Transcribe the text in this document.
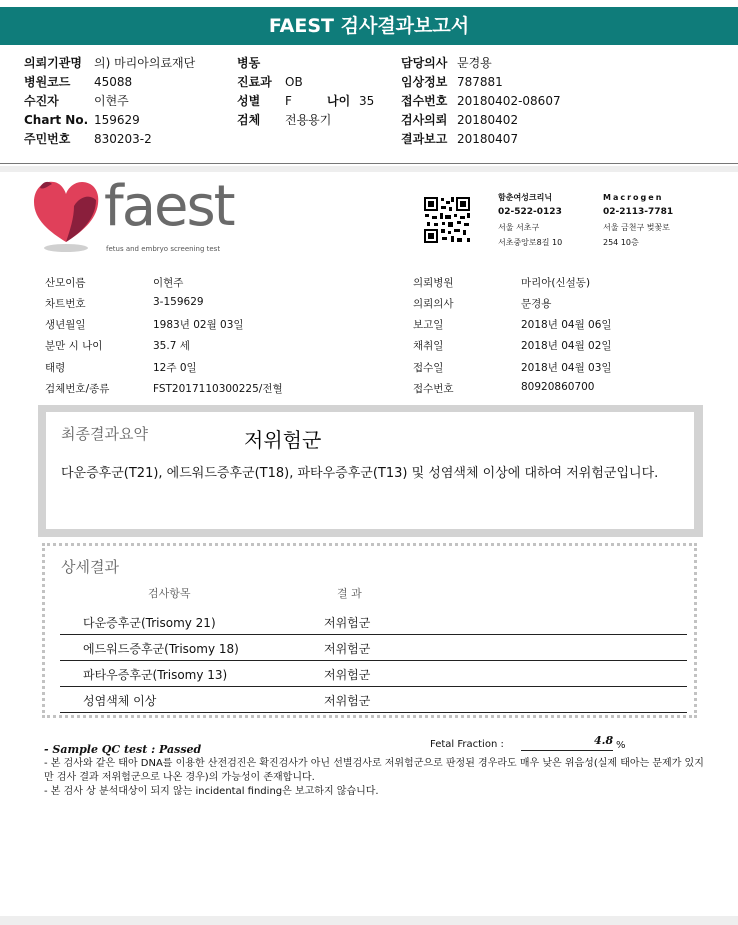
FAEST 검사결과보고서
의뢰기관명 의) 마리아의료재단
병원코드 45088
수진자	이현주
Chart No. 159629
주민번호 830203-2
병동
진료과 OB
성별 F	나이 35
검체 전용용기
담당의사 문경용
임상정보 787881
접수번호 20180402-08607
검사의뢰 20180402
결과보고 20180407
faest
fetus and embryo screening test
함춘여성크리닉
02-522-0123
서울 서초구
서초중앙로8길 10
Macrogen
02-2113-7781
서울 금천구 벚꽃로
254 10층
산모이름	이현주
차트번호	3-159629
생년월일	1983년 02월 03일
분만 시 나이	35.7 세
태령	12주 0일
검체번호/종류	FST2017110300225/전혈
의뢰병원	마리아(신설동)
의뢰의사	문경용
보고일	2018년 04월 06일
채취일	2018년 04월 02일
접수일	2018년 04월 03일
접수번호	80920860700
최종결과요약	저위험군
다운증후군(T21), 에드워드증후군(T18), 파타우증후군(T13) 및 성염색체 이상에 대하여 저위험군입니다.
상세결과
검사항목	결 과
다운증후군(Trisomy 21)	저위험군
에드워드증후군(Trisomy 18)	저위험군
파타우증후군(Trisomy 13)	저위험군
성염색체 이상	저위험군
- Sample QC test : Passed	Fetal Fraction :	4.8 %
- 본 검사와 같은 태아 DNA를 이용한 산전검진은 확진검사가 아닌 선별검사로 저위험군으로 판정된 경우라도 매우 낮은 위음성(실제 태아는 문제가 있지만 검사 결과 저위험군으로 나온 경우)의 가능성이 존재합니다.
- 본 검사 상 분석대상이 되지 않는 incidental finding은 보고하지 않습니다.
